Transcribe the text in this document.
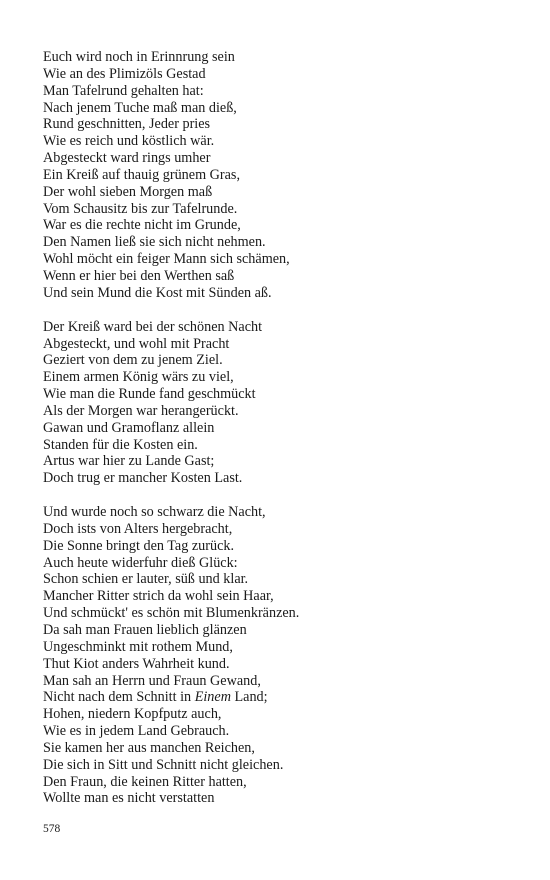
Euch wird noch in Erinnrung sein
Wie an des Plimizöls Gestad
Man Tafelrund gehalten hat:
Nach jenem Tuche maß man dieß,
Rund geschnitten, Jeder pries
Wie es reich und köstlich wär.
Abgesteckt ward rings umher
Ein Kreiß auf thauig grünem Gras,
Der wohl sieben Morgen maß
Vom Schausitz bis zur Tafelrunde.
War es die rechte nicht im Grunde,
Den Namen ließ sie sich nicht nehmen.
Wohl möcht ein feiger Mann sich schämen,
Wenn er hier bei den Werthen saß
Und sein Mund die Kost mit Sünden aß.
Der Kreiß ward bei der schönen Nacht
Abgesteckt, und wohl mit Pracht
Geziert von dem zu jenem Ziel.
Einem armen König wärs zu viel,
Wie man die Runde fand geschmückt
Als der Morgen war herangerückt.
Gawan und Gramoflanz allein
Standen für die Kosten ein.
Artus war hier zu Lande Gast;
Doch trug er mancher Kosten Last.
Und wurde noch so schwarz die Nacht,
Doch ists von Alters hergebracht,
Die Sonne bringt den Tag zurück.
Auch heute widerfuhr dieß Glück:
Schon schien er lauter, süß und klar.
Mancher Ritter strich da wohl sein Haar,
Und schmückt' es schön mit Blumenkränzen.
Da sah man Frauen lieblich glänzen
Ungeschminkt mit rothem Mund,
Thut Kiot anders Wahrheit kund.
Man sah an Herrn und Fraun Gewand,
Nicht nach dem Schnitt in Einem Land;
Hohen, niedern Kopfputz auch,
Wie es in jedem Land Gebrauch.
Sie kamen her aus manchen Reichen,
Die sich in Sitt und Schnitt nicht gleichen.
Den Fraun, die keinen Ritter hatten,
Wollte man es nicht verstatten
578
